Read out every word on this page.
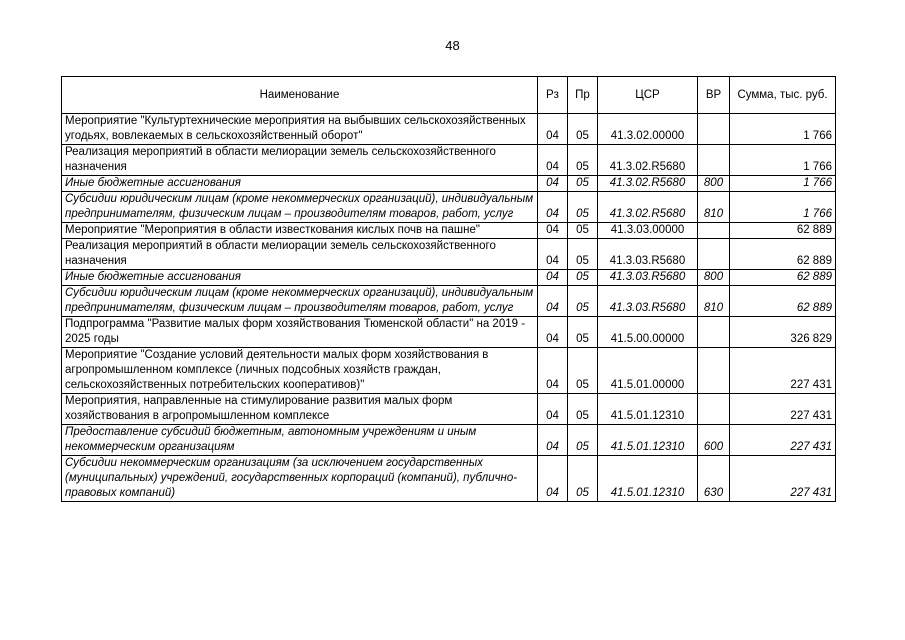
48
Наименование	Рз	Пр	ЦСР	ВР	Сумма, тыс. руб.
Мероприятие "Культуртехнические мероприятия на выбывших сельскохозяйственных угодьях, вовлекаемых в сельскохозяйственный оборот"	04	05	41.3.02.00000		1 766
Реализация мероприятий в области мелиорации земель сельскохозяйственного назначения	04	05	41.3.02.R5680		1 766
Иные бюджетные ассигнования	04	05	41.3.02.R5680	800	1 766
Субсидии юридическим лицам (кроме некоммерческих организаций), индивидуальным предпринимателям, физическим лицам – производителям товаров, работ, услуг	04	05	41.3.02.R5680	810	1 766
Мероприятие "Мероприятия в области известкования кислых почв на пашне"	04	05	41.3.03.00000		62 889
Реализация мероприятий в области мелиорации земель сельскохозяйственного назначения	04	05	41.3.03.R5680		62 889
Иные бюджетные ассигнования	04	05	41.3.03.R5680	800	62 889
Субсидии юридическим лицам (кроме некоммерческих организаций), индивидуальным предпринимателям, физическим лицам – производителям товаров, работ, услуг	04	05	41.3.03.R5680	810	62 889
Подпрограмма "Развитие малых форм хозяйствования Тюменской области" на 2019 - 2025 годы	04	05	41.5.00.00000		326 829
Мероприятие "Создание условий деятельности малых форм хозяйствования в агропромышленном комплексе (личных подсобных хозяйств граждан, сельскохозяйственных потребительских кооперативов)"	04	05	41.5.01.00000		227 431
Мероприятия, направленные на стимулирование развития малых форм хозяйствования в агропромышленном комплексе	04	05	41.5.01.12310		227 431
Предоставление субсидий бюджетным, автономным учреждениям и иным некоммерческим организациям	04	05	41.5.01.12310	600	227 431
Субсидии некоммерческим организациям (за исключением государственных (муниципальных) учреждений, государственных корпораций (компаний), публично-правовых компаний)	04	05	41.5.01.12310	630	227 431
